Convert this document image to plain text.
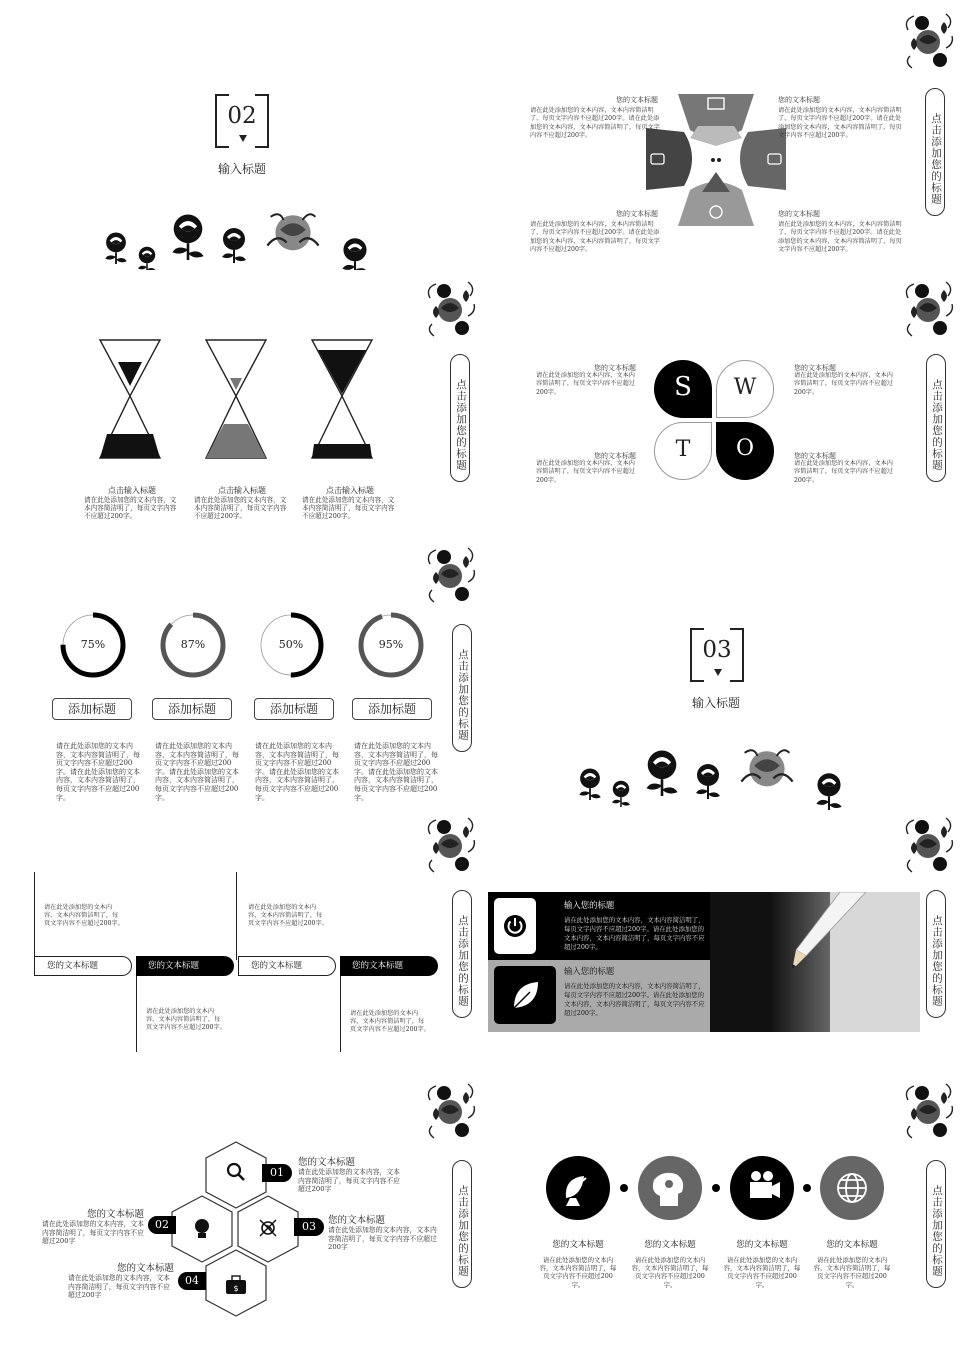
02
输入标题	点击添加您的标题
您的文本标题
请在此处添加您的文本内容，文本内容简洁明了，每页文字内容不应超过200字。请在此处添加您的文本内容，文本内容简洁明了，每页文字内容不应超过200字。
您的文本标题
请在此处添加您的文本内容，文本内容简洁明了，每页文字内容不应超过200字。请在此处添加您的文本内容，文本内容简洁明了，每页文字内容不应超过200字。
您的文本标题
请在此处添加您的文本内容，文本内容简洁明了，每页文字内容不应超过200字。请在此处添加您的文本内容，文本内容简洁明了，每页文字内容不应超过200字。
您的文本标题
请在此处添加您的文本内容，文本内容简洁明了，每页文字内容不应超过200字。请在此处添加您的文本内容，文本内容简洁明了，每页文字内容不应超过200字。
点击添加您的标题
点击输入标题
请在此处添加您的文本内容，文本内容简洁明了，每页文字内容不应超过200字。
点击输入标题
请在此处添加您的文本内容，文本内容简洁明了，每页文字内容不应超过200字。
点击输入标题
请在此处添加您的文本内容，文本内容简洁明了，每页文字内容不应超过200字。
点击添加您的标题
S	W
T	O
您的文本标题
请在此处添加您的文本内容，文本内容简洁明了，每页文字内容不应超过200字。
您的文本标题
请在此处添加您的文本内容，文本内容简洁明了，每页文字内容不应超过200字。
您的文本标题
请在此处添加您的文本内容，文本内容简洁明了，每页文字内容不应超过200字。
您的文本标题
请在此处添加您的文本内容，文本内容简洁明了，每页文字内容不应超过200字。
点击添加您的标题
75%	87%	50%	95%
添加标题	添加标题	添加标题	添加标题
请在此处添加您的文本内容，文本内容简洁明了，每页文字内容不应超过200字。请在此处添加您的文本内容，文本内容简洁明了，每页文字内容不应超过200字。
请在此处添加您的文本内容，文本内容简洁明了，每页文字内容不应超过200字。请在此处添加您的文本内容，文本内容简洁明了，每页文字内容不应超过200字。
请在此处添加您的文本内容，文本内容简洁明了，每页文字内容不应超过200字。请在此处添加您的文本内容，文本内容简洁明了，每页文字内容不应超过200字。
请在此处添加您的文本内容，文本内容简洁明了，每页文字内容不应超过200字。请在此处添加您的文本内容，文本内容简洁明了，每页文字内容不应超过200字。
03
输入标题
点击添加您的标题
您的文本标题	您的文本标题	您的文本标题	您的文本标题
请在此处添加您的文本内容，文本内容简洁明了，每页文字内容不应超过200字。
请在此处添加您的文本内容，文本内容简洁明了，每页文字内容不应超过200字。
请在此处添加您的文本内容，文本内容简洁明了，每页文字内容不应超过200字。
请在此处添加您的文本内容，文本内容简洁明了，每页文字内容不应超过200字。
点击添加您的标题
输入您的标题
请在此处添加您的文本内容，文本内容简洁明了，每页文字内容不应超过200字。请在此处添加您的文本内容，文本内容简洁明了，每页文字内容不应超过200字。
输入您的标题
请在此处添加您的文本内容，文本内容简洁明了，每页文字内容不应超过200字。请在此处添加您的文本内容，文本内容简洁明了，每页文字内容不应超过200字。
点击添加您的标题
$
01
02	03
04
您的文本标题
请在此处添加您的文本内容，文本内容简洁明了，每页文字内容不应超过200字
您的文本标题
请在此处添加您的文本内容，文本内容简洁明了，每页文字内容不应超过200字
您的文本标题
请在此处添加您的文本内容，文本内容简洁明了，每页文字内容不应超过200字
您的文本标题
请在此处添加您的文本内容，文本内容简洁明了，每页文字内容不应超过200字
点击添加您的标题
您的文本标题
请在此处添加您的文本内容，文本内容简洁明了，每页文字内容不应超过200字。
您的文本标题
请在此处添加您的文本内容，文本内容简洁明了，每页文字内容不应超过200字。
您的文本标题
请在此处添加您的文本内容，文本内容简洁明了，每页文字内容不应超过200字。
您的文本标题
请在此处添加您的文本内容，文本内容简洁明了，每页文字内容不应超过200字。
